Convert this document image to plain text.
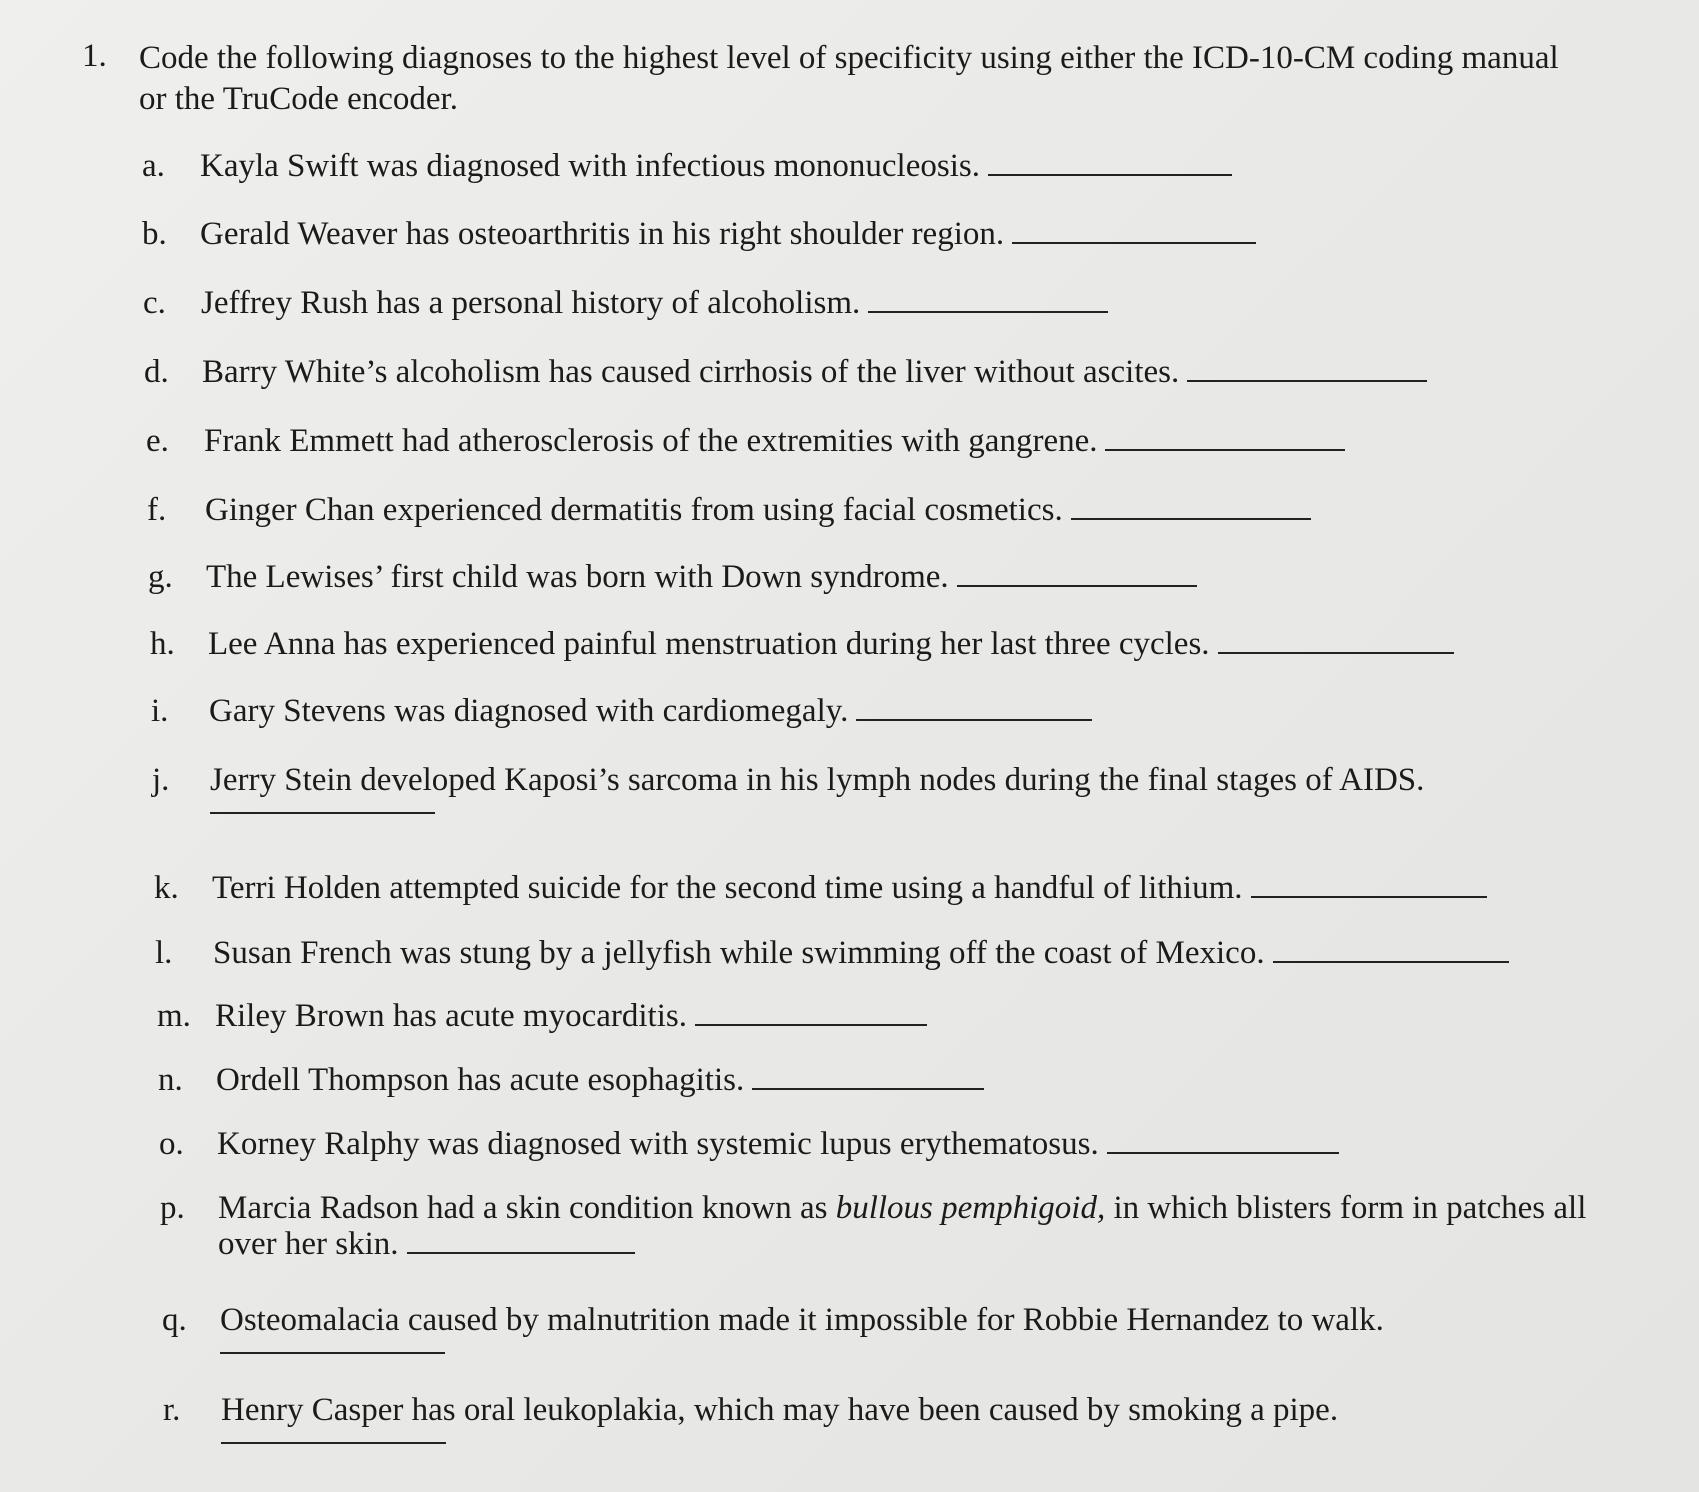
1. Code the following diagnoses to the highest level of specificity using either the ICD-10-CM coding manual or the TruCode encoder.
a. Kayla Swift was diagnosed with infectious mononucleosis.
b. Gerald Weaver has osteoarthritis in his right shoulder region.
c. Jeffrey Rush has a personal history of alcoholism.
d. Barry White’s alcoholism has caused cirrhosis of the liver without ascites.
e. Frank Emmett had atherosclerosis of the extremities with gangrene.
f. Ginger Chan experienced dermatitis from using facial cosmetics.
g. The Lewises’ first child was born with Down syndrome.
h. Lee Anna has experienced painful menstruation during her last three cycles.
i. Gary Stevens was diagnosed with cardiomegaly.
j. Jerry Stein developed Kaposi’s sarcoma in his lymph nodes during the final stages of AIDS.
k. Terri Holden attempted suicide for the second time using a handful of lithium.
l. Susan French was stung by a jellyfish while swimming off the coast of Mexico.
m. Riley Brown has acute myocarditis.
n. Ordell Thompson has acute esophagitis.
o. Korney Ralphy was diagnosed with systemic lupus erythematosus.
p. Marcia Radson had a skin condition known as bullous pemphigoid, in which blisters form in patches all over her skin.
q. Osteomalacia caused by malnutrition made it impossible for Robbie Hernandez to walk.
r. Henry Casper has oral leukoplakia, which may have been caused by smoking a pipe.
